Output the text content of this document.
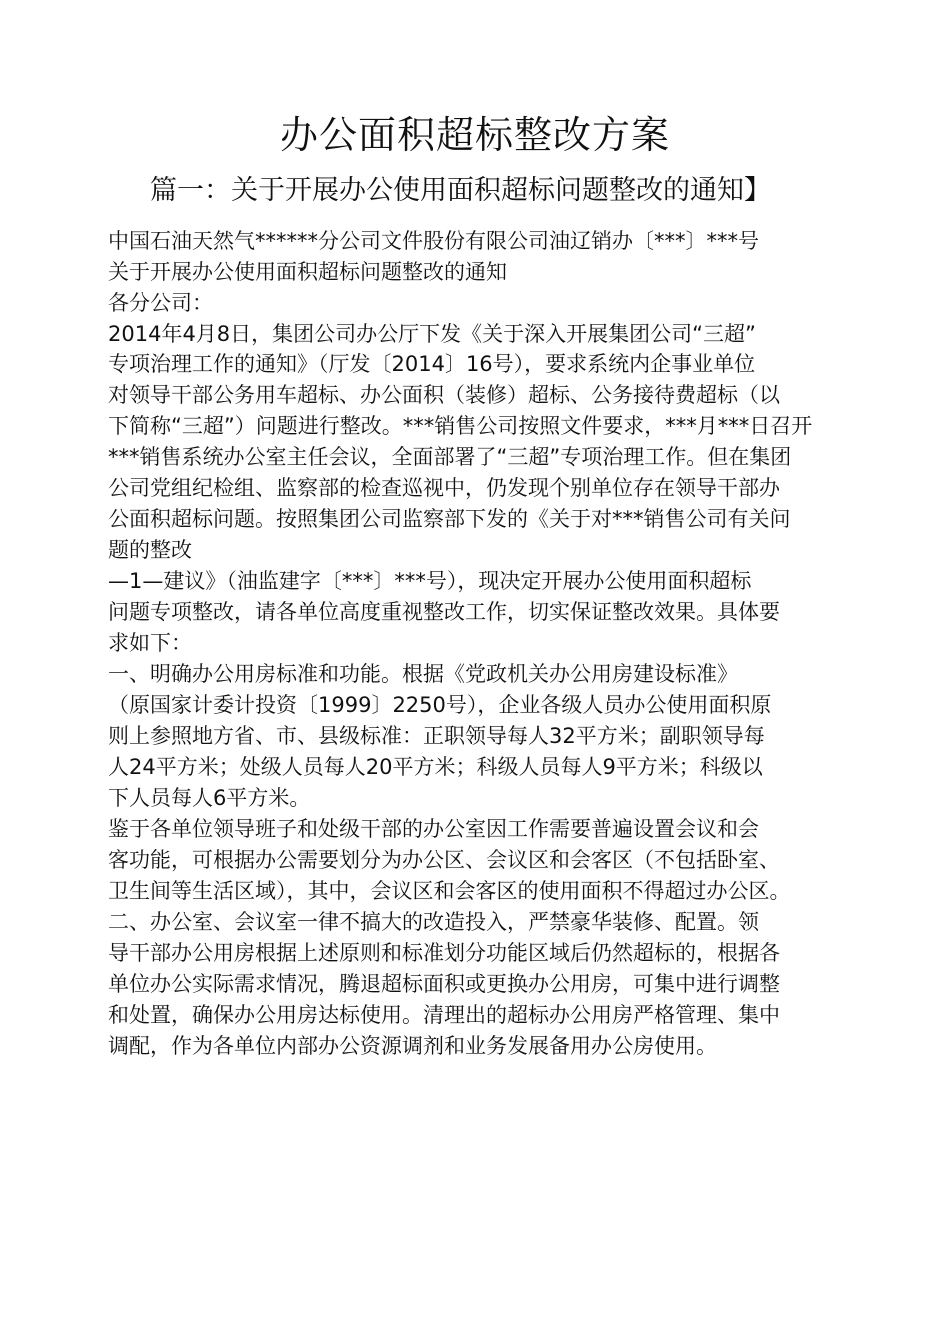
办公面积超标整改方案
篇一：关于开展办公使用面积超标问题整改的通知】
中国石油天然气******分公司文件股份有限公司油辽销办〔***〕***号
关于开展办公使用面积超标问题整改的通知
各分公司：
2014年4月8日，集团公司办公厅下发《关于深入开展集团公司“三超”
专项治理工作的通知》（厅发〔2014〕16号），要求系统内企事业单位
对领导干部公务用车超标、办公面积（装修）超标、公务接待费超标（以
下简称“三超”）问题进行整改。***销售公司按照文件要求，***月***日召开
***销售系统办公室主任会议，全面部署了“三超”专项治理工作。但在集团
公司党组纪检组、监察部的检查巡视中，仍发现个别单位存在领导干部办
公面积超标问题。按照集团公司监察部下发的《关于对***销售公司有关问
题的整改
—1—建议》（油监建字〔***〕***号），现决定开展办公使用面积超标
问题专项整改，请各单位高度重视整改工作，切实保证整改效果。具体要
求如下：
一、明确办公用房标准和功能。根据《党政机关办公用房建设标准》
（原国家计委计投资〔1999〕2250号），企业各级人员办公使用面积原
则上参照地方省、市、县级标准：正职领导每人32平方米；副职领导每
人24平方米；处级人员每人20平方米；科级人员每人9平方米；科级以
下人员每人6平方米。
鉴于各单位领导班子和处级干部的办公室因工作需要普遍设置会议和会
客功能，可根据办公需要划分为办公区、会议区和会客区（不包括卧室、
卫生间等生活区域），其中，会议区和会客区的使用面积不得超过办公区。
二、办公室、会议室一律不搞大的改造投入，严禁豪华装修、配置。领
导干部办公用房根据上述原则和标准划分功能区域后仍然超标的，根据各
单位办公实际需求情况，腾退超标面积或更换办公用房，可集中进行调整
和处置，确保办公用房达标使用。清理出的超标办公用房严格管理、集中
调配，作为各单位内部办公资源调剂和业务发展备用办公房使用。
